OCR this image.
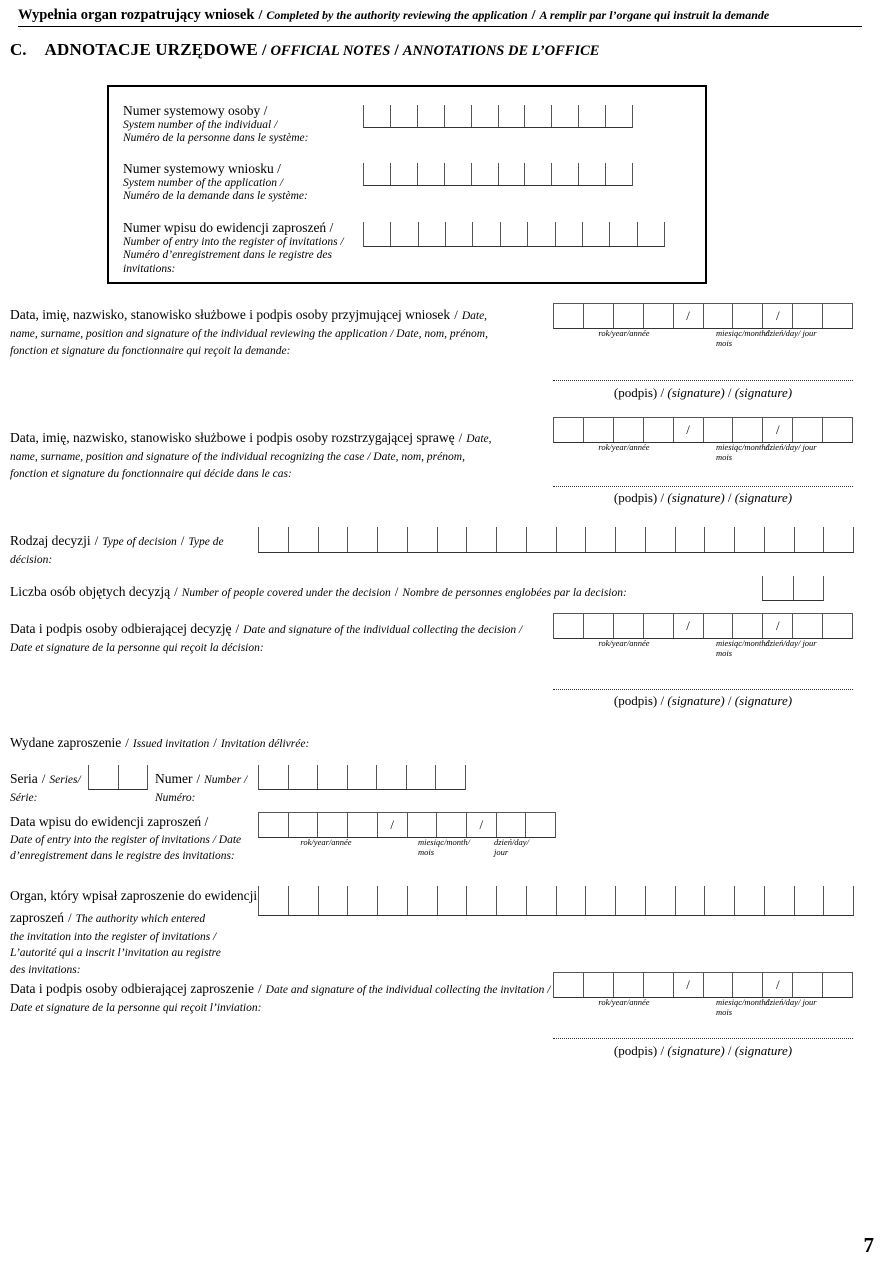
Wypełnia organ rozpatrujący wniosek / Completed by the authority reviewing the application / A remplir par l’organe qui instruit la demande
C. ADNOTACJE URZĘDOWE / OFFICIAL NOTES / ANNOTATIONS DE L’OFFICE
Numer systemowy osoby /
System number of the individual /
Numéro de la personne dans le système:
Numer systemowy wniosku /
System number of the application /
Numéro de la demande dans le système:
Numer wpisu do ewidencji zaproszeń /
Number of entry into the register of invitations /
Numéro d’enregistrement dans le registre des
invitations:
Data, imię, nazwisko, stanowisko służbowe i podpis osoby przyjmującej wniosek / Date,
name, surname, position and signature of the individual reviewing the application / Date, nom, prénom,
fonction et signature du fonctionnaire qui reçoit la demande:
/	/
rok/year/année	miesiąc/month/

mois
dzień/day/ jour
(podpis) / (signature) / (signature)
Data, imię, nazwisko, stanowisko służbowe i podpis osoby rozstrzygającej sprawę / Date,
name, surname, position and signature of the individual recognizing the case / Date, nom, prénom,
fonction et signature du fonctionnaire qui décide dans le cas:
/	/
rok/year/année	miesiąc/month/

mois
dzień/day/ jour
(podpis) / (signature) / (signature)
Rodzaj decyzji / Type of decision / Type de
décision:
Liczba osób objętych decyzją / Number of people covered under the decision / Nombre de personnes englobées par la decision:
Data i podpis osoby odbierającej decyzję / Date and signature of the individual collecting the decision /
Date et signature de la personne qui reçoit la décision:
/	/
rok/year/année	miesiąc/month/

mois
dzień/day/ jour
(podpis) / (signature) / (signature)
Wydane zaproszenie / Issued invitation / Invitation délivrée:
Seria / Series/
Série:
Numer / Number /
Numéro:
Data wpisu do ewidencji zaproszeń /
Date of entry into the register of invitations / Date
d’enregistrement dans le registre des invitations:
/	/
rok/year/année	miesiąc/month/

mois
dzień/day/

jour
Organ, który wpisał zaproszenie do ewidencji
zaproszeń / The authority which entered
the invitation into the register of invitations /
L’autorité qui a inscrit l’invitation au registre
des invitations:
Data i podpis osoby odbierającej zaproszenie / Date and signature of the individual collecting the invitation /
Date et signature de la personne qui reçoit l’inviation:
/	/
rok/year/année	miesiąc/month/

mois
dzień/day/ jour
(podpis) / (signature) / (signature)
7
